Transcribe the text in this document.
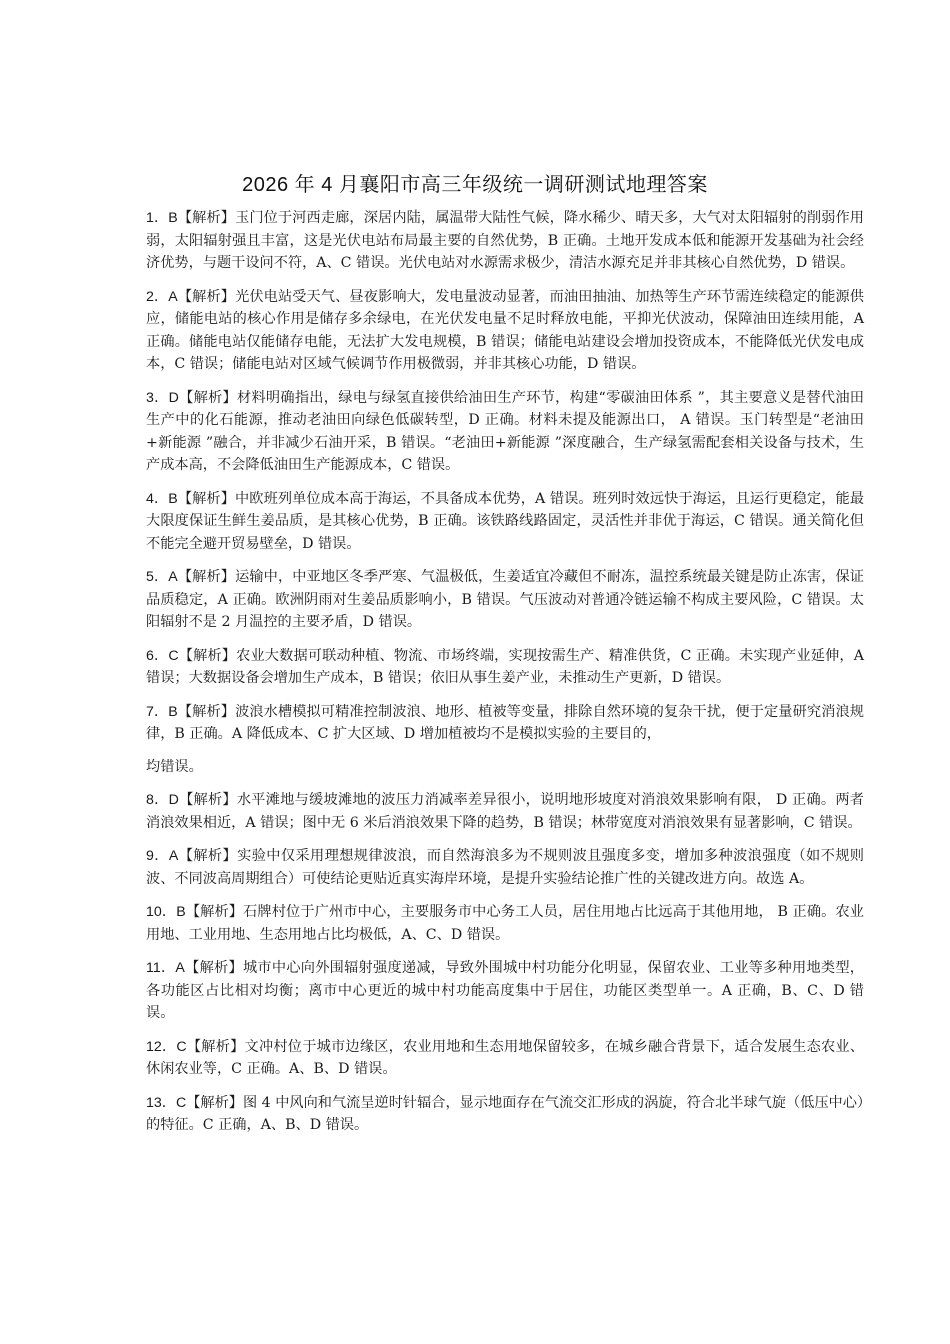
2026 年 4 月襄阳市高三年级统一调研测试地理答案
1．B【解析】玉门位于河西走廊，深居内陆，属温带大陆性气候，降水稀少、晴天多，大气对太阳辐射的削弱作用弱，太阳辐射强且丰富，这是光伏电站布局最主要的自然优势，B 正确。土地开发成本低和能源开发基础为社会经济优势，与题干设问不符，A、C 错误。光伏电站对水源需求极少，清洁水源充足并非其核心自然优势，D 错误。
2．A【解析】光伏电站受天气、昼夜影响大，发电量波动显著，而油田抽油、加热等生产环节需连续稳定的能源供应，储能电站的核心作用是储存多余绿电，在光伏发电量不足时释放电能，平抑光伏波动，保障油田连续用能，A 正确。储能电站仅能储存电能，无法扩大发电规模，B 错误；储能电站建设会增加投资成本，不能降低光伏发电成本，C 错误；储能电站对区域气候调节作用极微弱，并非其核心功能，D 错误。
3．D【解析】材料明确指出，绿电与绿氢直接供给油田生产环节，构建“零碳油田体系 ”，其主要意义是替代油田生产中的化石能源，推动老油田向绿色低碳转型，D 正确。材料未提及能源出口， A 错误。玉门转型是“老油田+新能源 ”融合，并非减少石油开采，B 错误。“老油田+新能源 ”深度融合，生产绿氢需配套相关设备与技术，生产成本高，不会降低油田生产能源成本，C 错误。
4．B【解析】中欧班列单位成本高于海运，不具备成本优势，A 错误。班列时效远快于海运，且运行更稳定，能最大限度保证生鲜生姜品质，是其核心优势，B 正确。该铁路线路固定，灵活性并非优于海运，C 错误。通关简化但不能完全避开贸易壁垒，D 错误。
5．A【解析】运输中，中亚地区冬季严寒、气温极低，生姜适宜冷藏但不耐冻，温控系统最关键是防止冻害，保证品质稳定，A 正确。欧洲阴雨对生姜品质影响小，B 错误。气压波动对普通冷链运输不构成主要风险，C 错误。太阳辐射不是 2 月温控的主要矛盾，D 错误。
6．C【解析】农业大数据可联动种植、物流、市场终端，实现按需生产、精准供货，C 正确。未实现产业延伸，A 错误；大数据设备会增加生产成本，B 错误；依旧从事生姜产业，未推动生产更新，D 错误。
7．B【解析】波浪水槽模拟可精准控制波浪、地形、植被等变量，排除自然环境的复杂干扰，便于定量研究消浪规律，B 正确。A 降低成本、C 扩大区域、D 增加植被均不是模拟实验的主要目的，
均错误。
8．D【解析】水平滩地与缓坡滩地的波压力消减率差异很小，说明地形坡度对消浪效果影响有限， D 正确。两者消浪效果相近，A 错误；图中无 6 米后消浪效果下降的趋势，B 错误；林带宽度对消浪效果有显著影响，C 错误。
9．A【解析】实验中仅采用理想规律波浪，而自然海浪多为不规则波且强度多变，增加多种波浪强度（如不规则波、不同波高周期组合）可使结论更贴近真实海岸环境，是提升实验结论推广性的关键改进方向。故选 A。
10．B【解析】石牌村位于广州市中心，主要服务市中心务工人员，居住用地占比远高于其他用地， B 正确。农业用地、工业用地、生态用地占比均极低，A、C、D 错误。
11．A【解析】城市中心向外围辐射强度递减，导致外围城中村功能分化明显，保留农业、工业等多种用地类型，各功能区占比相对均衡；离市中心更近的城中村功能高度集中于居住，功能区类型单一。A 正确，B、C、D 错误。
12．C【解析】文冲村位于城市边缘区，农业用地和生态用地保留较多，在城乡融合背景下，适合发展生态农业、休闲农业等，C 正确。A、B、D 错误。
13．C【解析】图 4 中风向和气流呈逆时针辐合，显示地面存在气流交汇形成的涡旋，符合北半球气旋（低压中心）的特征。C 正确，A、B、D 错误。
